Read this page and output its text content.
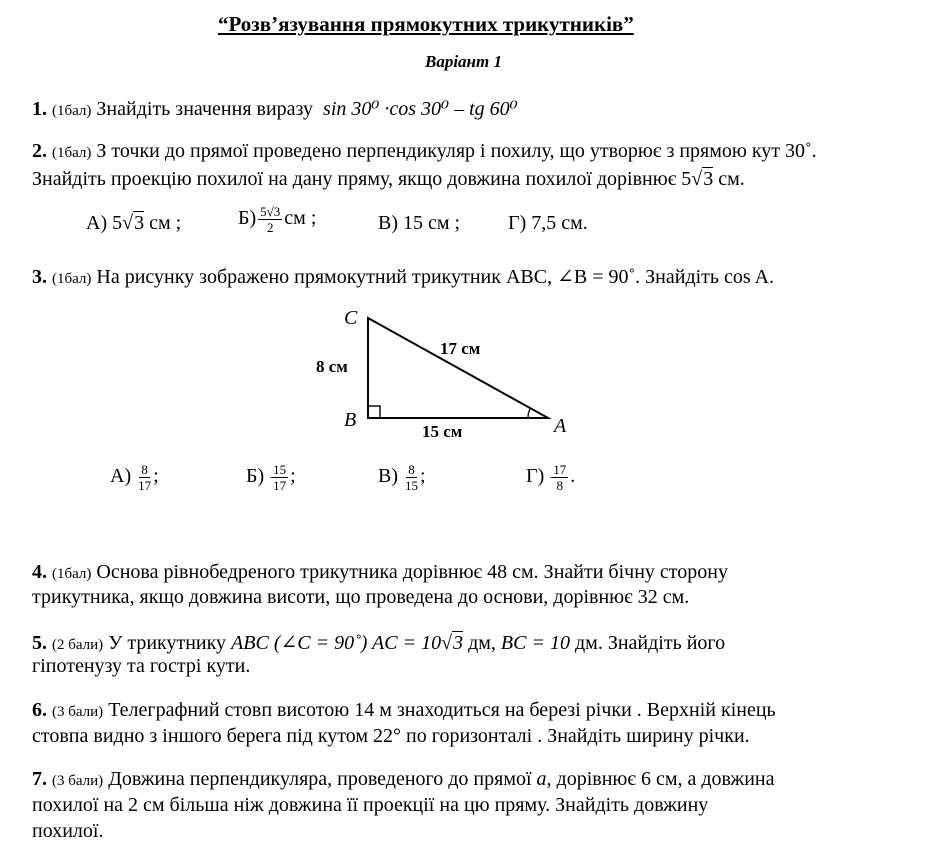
“Розв’язування прямокутних трикутників”
Варіант 1
1. (1бал) Знайдіть значення виразу sin 30⁰ ·cos 30⁰ – tg 60⁰
2. (1бал) З точки до прямої проведено перпендикуляр і похилу, що утворює з прямою кут 30˚.
Знайдіть проекцію похилої на дану пряму, якщо довжина похилої дорівнює 5√3 см.
А) 5√3 см ;	$Б) \frac{5√3}{2}$ см ;	В) 15 см ; Г) 7,5 см.
3. (1бал) На рисунку зображено прямокутний трикутник АВС, ∠В = 90˚. Знайдіть cos A.
C
B	A
8 см
17 см
15 см
$А) \frac{8}{17}$ ;	$Б) \frac{15}{17}$ ;	$В) \frac{8}{15}$ ;	$Г) \frac{17}{8}$ .
4. (1бал) Основа рівнобедреного трикутника дорівнює 48 см. Знайти бічну сторону
трикутника, якщо довжина висоти, що проведена до основи, дорівнює 32 см.
5. (2 бали) У трикутнику ABC (∠C = 90˚) AC = 10√3 дм, BC = 10 дм. Знайдіть його
гіпотенузу та гострі кути.
6. (3 бали) Телеграфний стовп висотою 14 м знаходиться на березі річки . Верхній кінець
стовпа видно з іншого берега під кутом 22° по горизонталі . Знайдіть ширину річки.
7. (3 бали) Довжина перпендикуляра, проведеного до прямої a, дорівнює 6 см, а довжина
похилої на 2 см більша ніж довжина її проекції на цю пряму. Знайдіть довжину
похилої.
